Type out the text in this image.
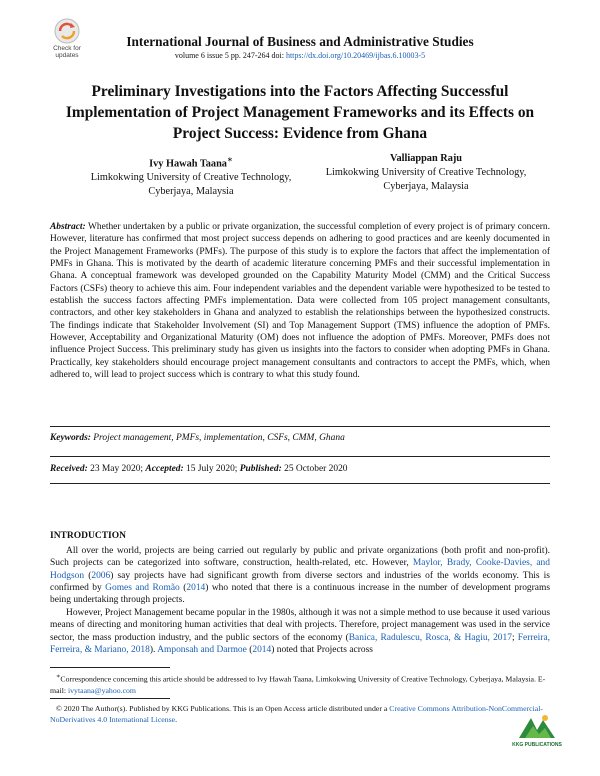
Check for
updates
International Journal of Business and Administrative Studies
volume 6 issue 5 pp. 247-264 doi: https://dx.doi.org/10.20469/ijbas.6.10003-5
Preliminary Investigations into the Factors Affecting Successful Implementation of Project Management Frameworks and its Effects on Project Success: Evidence from Ghana
Ivy Hawah Taana∗
Limkokwing University of Creative Technology,
Cyberjaya, Malaysia
Valliappan Raju
Limkokwing University of Creative Technology,
Cyberjaya, Malaysia
Abstract: Whether undertaken by a public or private organization, the successful completion of every project is of primary concern. However, literature has confirmed that most project success depends on adhering to good practices and are keenly documented in the Project Management Frameworks (PMFs). The purpose of this study is to explore the factors that affect the implementation of PMFs in Ghana. This is motivated by the dearth of academic literature concerning PMFs and their successful implementation in Ghana. A conceptual framework was developed grounded on the Capability Maturity Model (CMM) and the Critical Success Factors (CSFs) theory to achieve this aim. Four independent variables and the dependent variable were hypothesized to be tested to establish the success factors affecting PMFs implementation. Data were collected from 105 project management consultants, contractors, and other key stakeholders in Ghana and analyzed to establish the relationships between the hypothesized constructs. The findings indicate that Stakeholder Involvement (SI) and Top Management Support (TMS) influence the adoption of PMFs. However, Acceptability and Organizational Maturity (OM) does not influence the adoption of PMFs. Moreover, PMFs does not influence Project Success. This preliminary study has given us insights into the factors to consider when adopting PMFs in Ghana. Practically, key stakeholders should encourage project management consultants and contractors to accept the PMFs, which, when adhered to, will lead to project success which is contrary to what this study found.
Keywords: Project management, PMFs, implementation, CSFs, CMM, Ghana
Received: 23 May 2020; Accepted: 15 July 2020; Published: 25 October 2020
INTRODUCTION
All over the world, projects are being carried out regularly by public and private organizations (both profit and non-profit). Such projects can be categorized into software, construction, health-related, etc. However, Maylor, Brady, Cooke-Davies, and Hodgson (2006) say projects have had significant growth from diverse sectors and industries of the worlds economy. This is confirmed by Gomes and Romão (2014) who noted that there is a continuous increase in the number of development programs being undertaking through projects.
However, Project Management became popular in the 1980s, although it was not a simple method to use because it used various means of directing and monitoring human activities that deal with projects. Therefore, project management was used in the service sector, the mass production industry, and the public sectors of the economy (Banica, Radulescu, Rosca, & Hagiu, 2017; Ferreira, Ferreira, & Mariano, 2018). Amponsah and Darmoe (2014) noted that Projects across
∗Correspondence concerning this article should be addressed to Ivy Hawah Taana, Limkokwing University of Creative Technology, Cyberjaya, Malaysia. E-mail: ivytaana@yahoo.com
© 2020 The Author(s). Published by KKG Publications. This is an Open Access article distributed under a Creative Commons Attribution-NonCommercial-NoDerivatives 4.0 International License.
KKG PUBLICATIONS
